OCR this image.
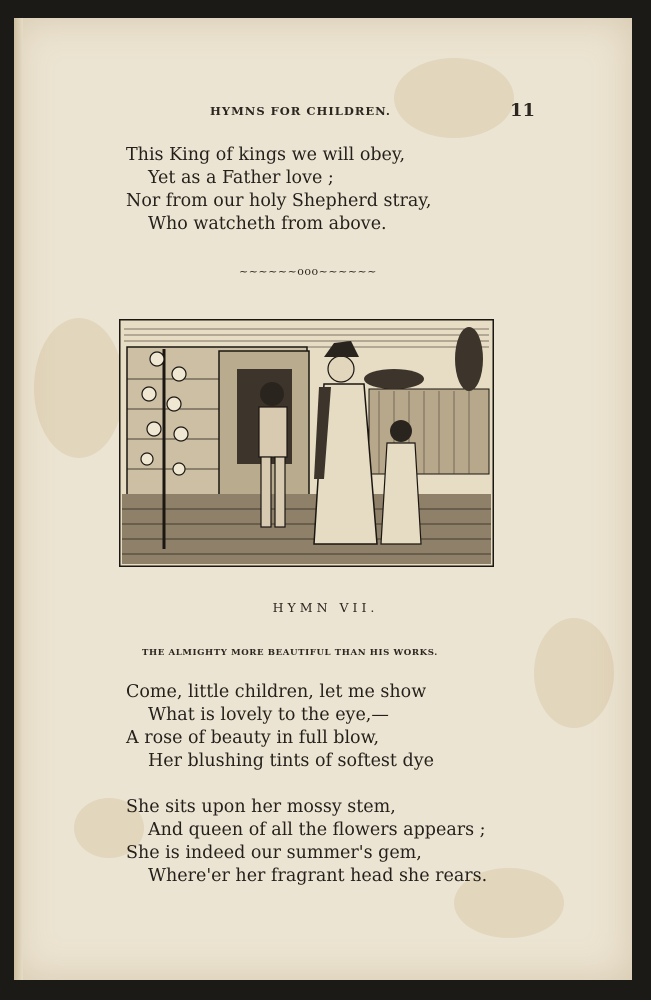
HYMNS FOR CHILDREN.	11
This King of kings we will obey,
Yet as a Father love ;
Nor from our holy Shepherd stray,
Who watcheth from above.
~~~~~~ooo~~~~~~
HYMN VII.
THE ALMIGHTY MORE BEAUTIFUL THAN HIS WORKS.
Come, little children, let me show
What is lovely to the eye,—
A rose of beauty in full blow,
Her blushing tints of softest dye
She sits upon her mossy stem,
And queen of all the flowers appears ;
She is indeed our summer's gem,
Where'er her fragrant head she rears.
